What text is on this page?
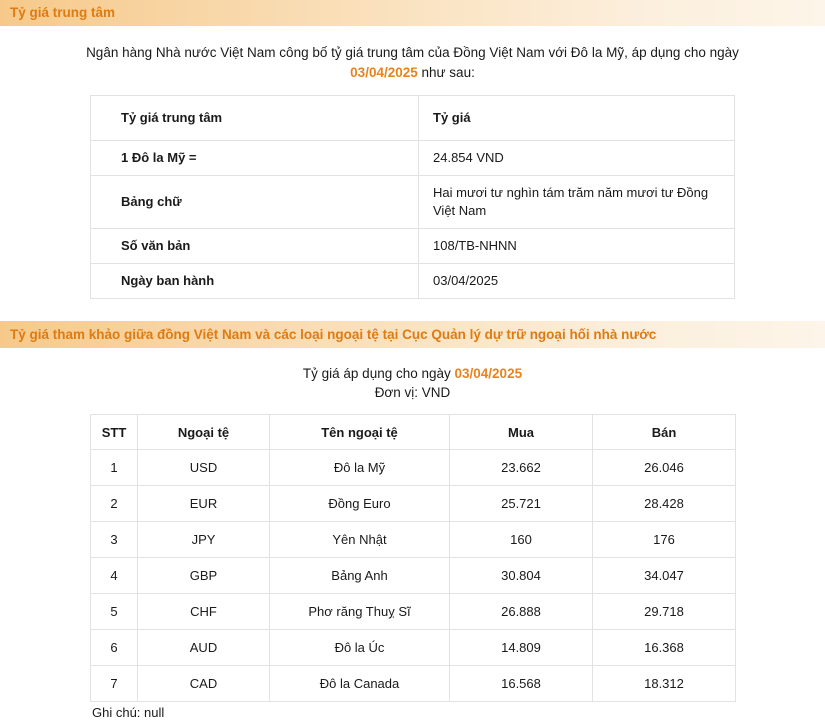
Tỷ giá trung tâm
Ngân hàng Nhà nước Việt Nam công bố tỷ giá trung tâm của Đồng Việt Nam với Đô la Mỹ, áp dụng cho ngày 03/04/2025 như sau:
Tỷ giá trung tâm	Tỷ giá
1 Đô la Mỹ =	24.854 VND
Bảng chữ	Hai mươi tư nghìn tám trăm năm mươi tư Đồng Việt Nam
Số văn bản	108/TB-NHNN
Ngày ban hành	03/04/2025
Tỷ giá tham khảo giữa đồng Việt Nam và các loại ngoại tệ tại Cục Quản lý dự trữ ngoại hối nhà nước
Tỷ giá áp dụng cho ngày 03/04/2025
Đơn vị: VND
STT	Ngoại tệ	Tên ngoại tệ	Mua	Bán
1	USD	Đô la Mỹ	23.662	26.046
2	EUR	Đồng Euro	25.721	28.428
3	JPY	Yên Nhật	160	176
4	GBP	Bảng Anh	30.804	34.047
5	CHF	Phơ răng Thuỵ Sĩ	26.888	29.718
6	AUD	Đô la Úc	14.809	16.368
7	CAD	Đô la Canada	16.568	18.312
Ghi chú: null
